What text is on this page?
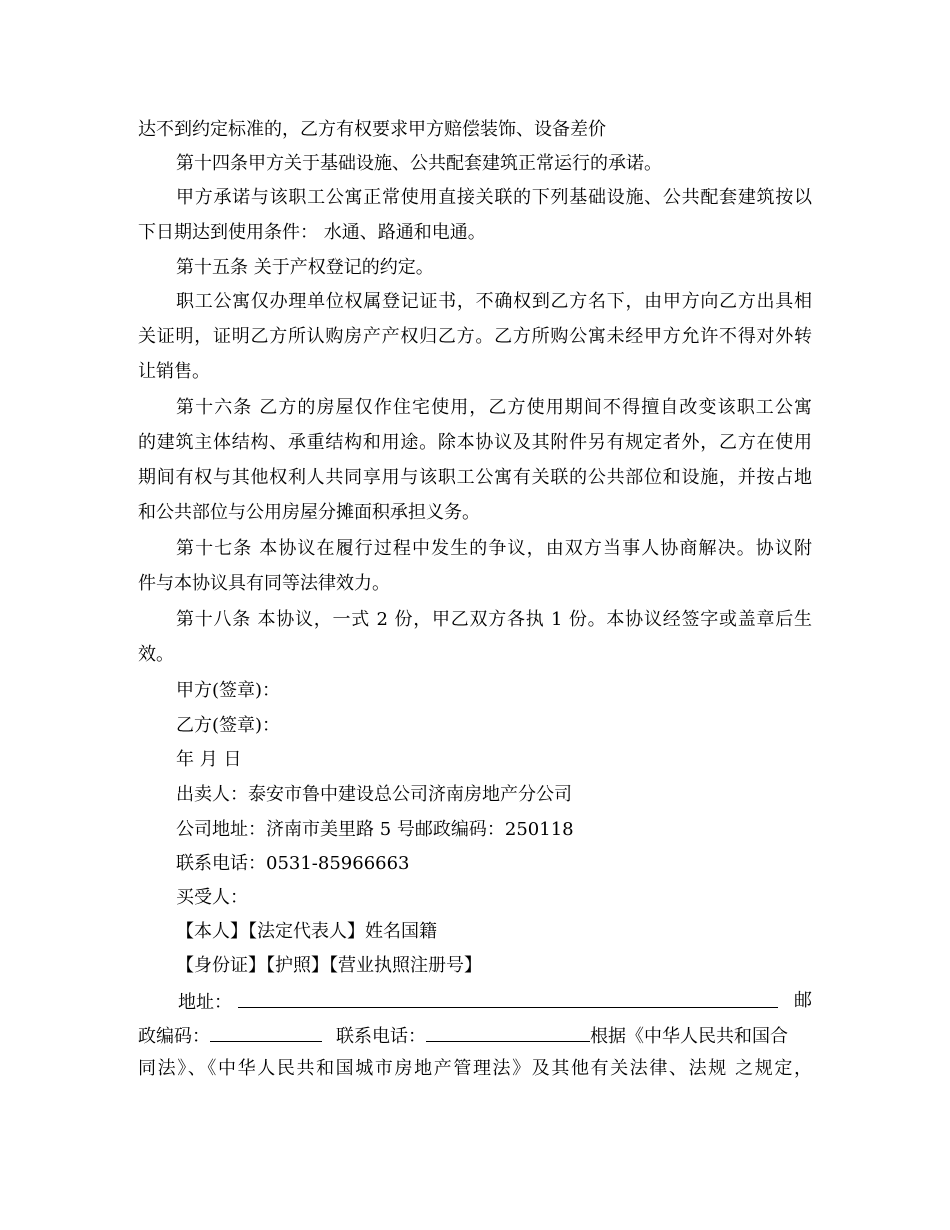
达不到约定标准的，乙方有权要求甲方赔偿装饰、设备差价
第十四条甲方关于基础设施、公共配套建筑正常运行的承诺。
甲方承诺与该职工公寓正常使用直接关联的下列基础设施、公共配套建筑按以
下日期达到使用条件： 水通、路通和电通。
第十五条 关于产权登记的约定。
职工公寓仅办理单位权属登记证书，不确权到乙方名下，由甲方向乙方出具相
关证明，证明乙方所认购房产产权归乙方。乙方所购公寓未经甲方允许不得对外转
让销售。
第十六条 乙方的房屋仅作住宅使用，乙方使用期间不得擅自改变该职工公寓
的建筑主体结构、承重结构和用途。除本协议及其附件另有规定者外，乙方在使用
期间有权与其他权利人共同享用与该职工公寓有关联的公共部位和设施，并按占地
和公共部位与公用房屋分摊面积承担义务。
第十七条 本协议在履行过程中发生的争议，由双方当事人协商解决。协议附
件与本协议具有同等法律效力。
第十八条 本协议，一式 2 份，甲乙双方各执 1 份。本协议经签字或盖章后生
效。
甲方(签章)：
乙方(签章)：
年 月 日
出卖人：泰安市鲁中建设总公司济南房地产分公司
公司地址：济南市美里路 5 号邮政编码：250118
联系电话：0531-85966663
买受人：
【本人】【法定代表人】姓名国籍
【身份证】【护照】【营业执照注册号】
地址：	邮
政编码：	联系电话：	根据《中华人民共和国合
同法》、《中华人民共和国城市房地产管理法》及其他有关法律、法规 之规定，
